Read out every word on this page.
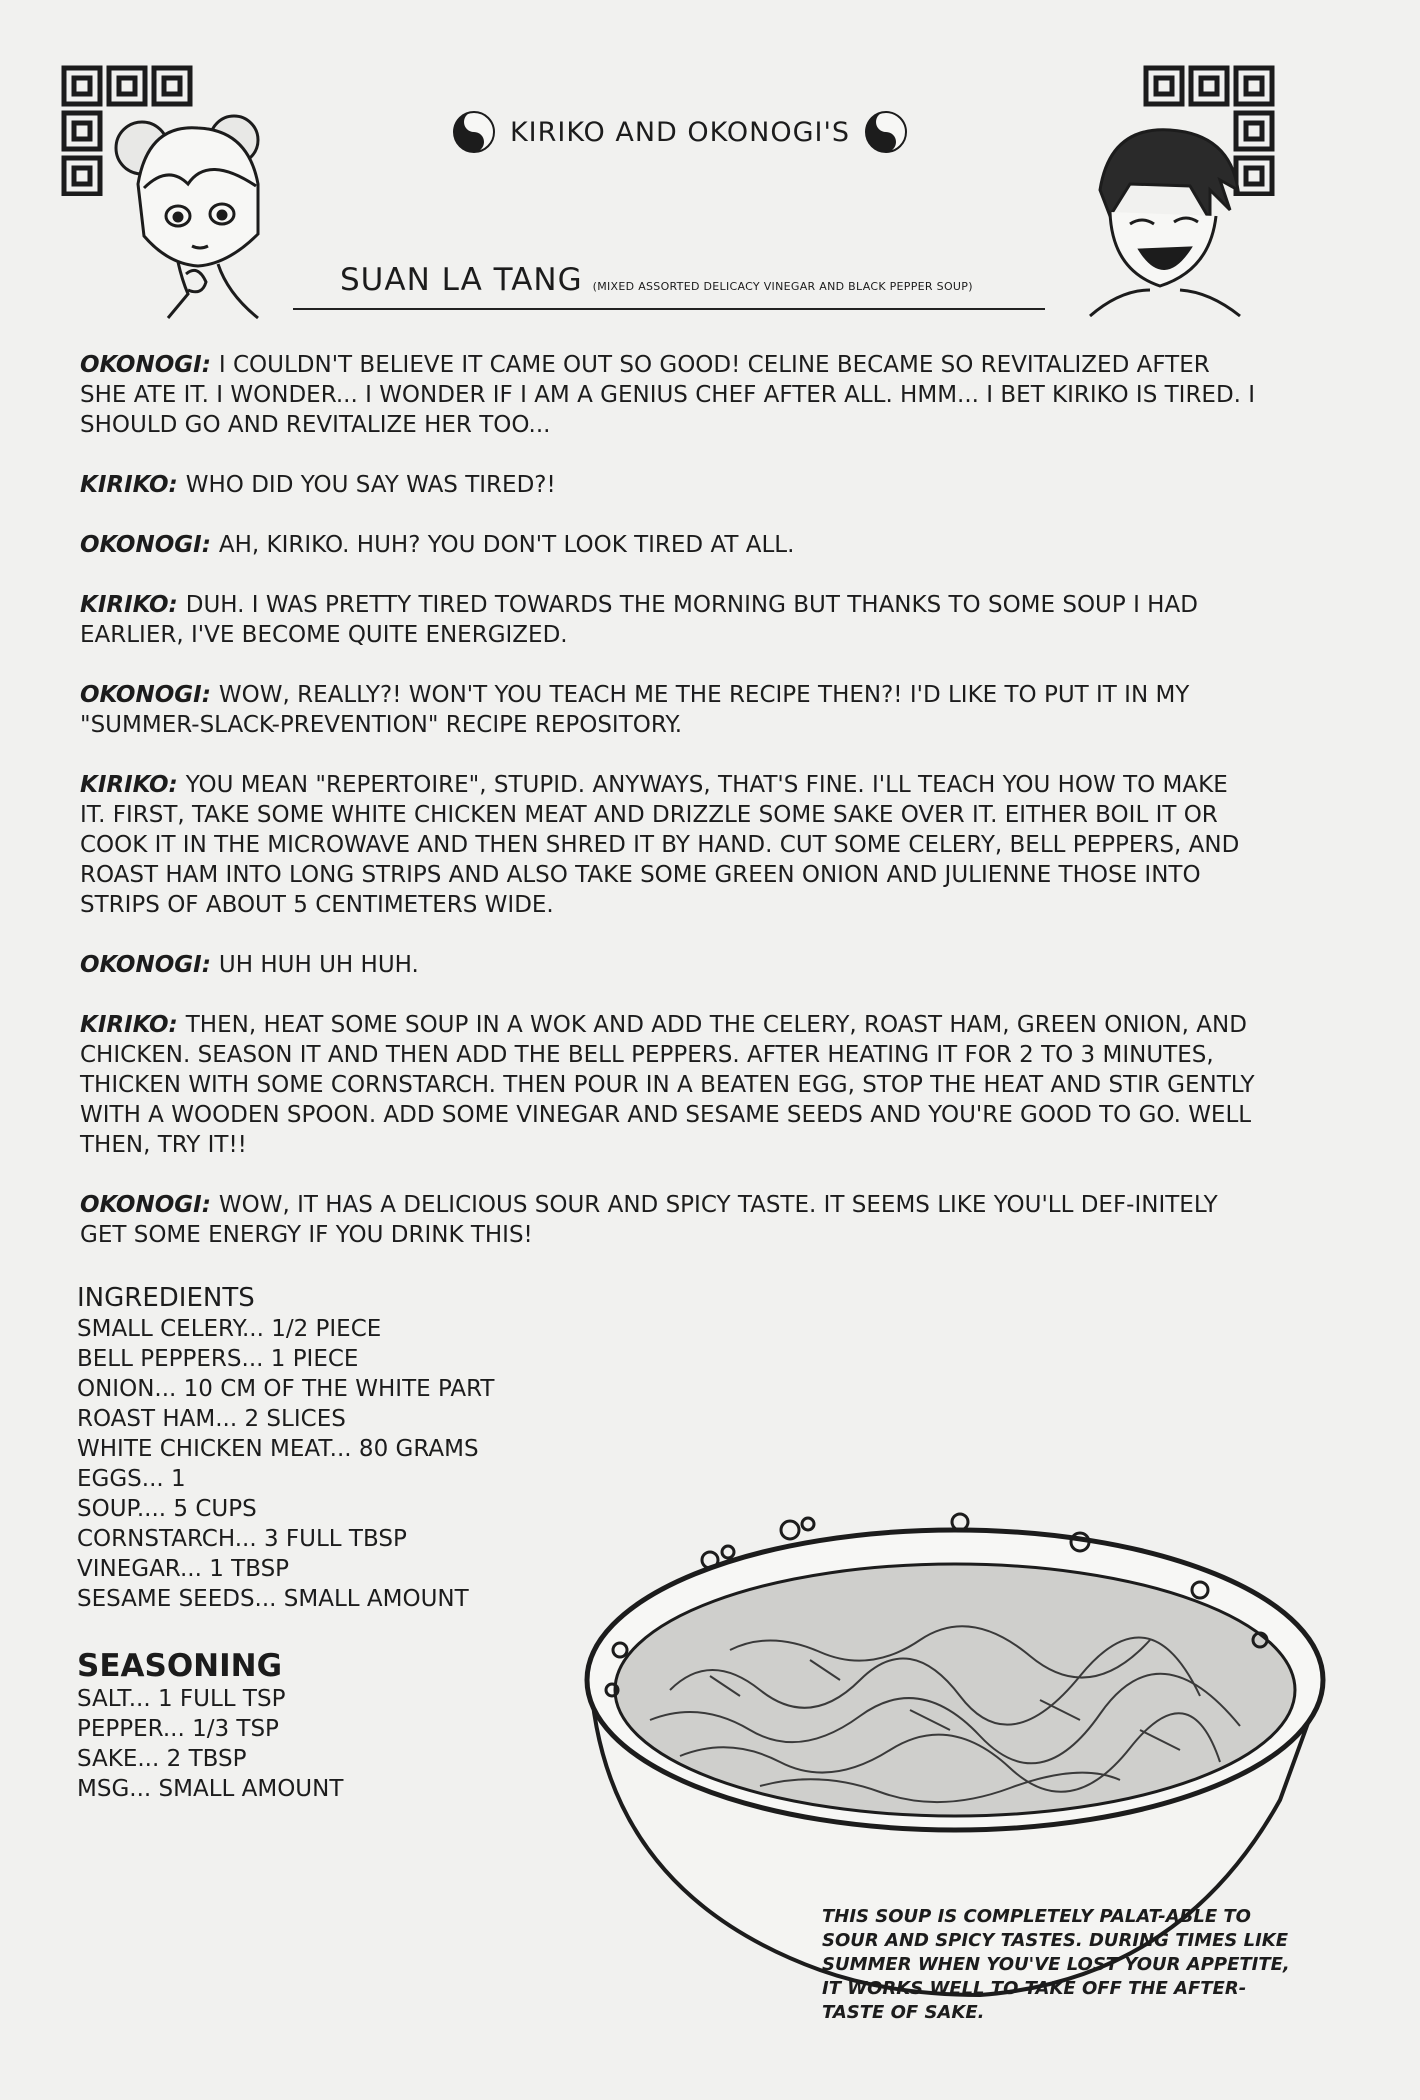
KIRIKO AND OKONOGI'S
SUAN LA TANG (MIXED ASSORTED DELICACY VINEGAR AND BLACK PEPPER SOUP)

OKONOGI: I COULDN'T BELIEVE IT CAME OUT SO GOOD! CELINE BECAME SO REVITALIZED AFTER SHE ATE IT. I WONDER... I WONDER IF I AM A GENIUS CHEF AFTER ALL. HMM... I BET KIRIKO IS TIRED. I SHOULD GO AND REVITALIZE HER TOO...

KIRIKO: WHO DID YOU SAY WAS TIRED?!

OKONOGI: AH, KIRIKO. HUH? YOU DON'T LOOK TIRED AT ALL.

KIRIKO: DUH. I WAS PRETTY TIRED TOWARDS THE MORNING BUT THANKS TO SOME SOUP I HAD EARLIER, I'VE BECOME QUITE ENERGIZED.

OKONOGI: WOW, REALLY?! WON'T YOU TEACH ME THE RECIPE THEN?! I'D LIKE TO PUT IT IN MY "SUMMER-SLACK-PREVENTION" RECIPE REPOSITORY.

KIRIKO: YOU MEAN "REPERTOIRE", STUPID. ANYWAYS, THAT'S FINE. I'LL TEACH YOU HOW TO MAKE IT. FIRST, TAKE SOME WHITE CHICKEN MEAT AND DRIZZLE SOME SAKE OVER IT. EITHER BOIL IT OR COOK IT IN THE MICROWAVE AND THEN SHRED IT BY HAND. CUT SOME CELERY, BELL PEPPERS, AND ROAST HAM INTO LONG STRIPS AND ALSO TAKE SOME GREEN ONION AND JULIENNE THOSE INTO STRIPS OF ABOUT 5 CENTIMETERS WIDE.

OKONOGI: UH HUH UH HUH.

KIRIKO: THEN, HEAT SOME SOUP IN A WOK AND ADD THE CELERY, ROAST HAM, GREEN ONION, AND CHICKEN. SEASON IT AND THEN ADD THE BELL PEPPERS. AFTER HEATING IT FOR 2 TO 3 MINUTES, THICKEN WITH SOME CORNSTARCH. THEN POUR IN A BEATEN EGG, STOP THE HEAT AND STIR GENTLY WITH A WOODEN SPOON. ADD SOME VINEGAR AND SESAME SEEDS AND YOU'RE GOOD TO GO. WELL THEN, TRY IT!!

OKONOGI: WOW, IT HAS A DELICIOUS SOUR AND SPICY TASTE. IT SEEMS LIKE YOU'LL DEF-INITELY GET SOME ENERGY IF YOU DRINK THIS!

INGREDIENTS
SMALL CELERY... 1/2 PIECE
BELL PEPPERS... 1 PIECE
ONION... 10 CM OF THE WHITE PART
ROAST HAM... 2 SLICES
WHITE CHICKEN MEAT... 80 GRAMS
EGGS... 1
SOUP.... 5 CUPS
CORNSTARCH... 3 FULL TBSP
VINEGAR... 1 TBSP
SESAME SEEDS... SMALL AMOUNT
SEASONING
SALT... 1 FULL TSP
PEPPER... 1/3 TSP
SAKE... 2 TBSP
MSG... SMALL AMOUNT
THIS SOUP IS COMPLETELY PALAT-ABLE TO SOUR AND SPICY TASTES. DURING TIMES LIKE SUMMER WHEN YOU'VE LOST YOUR APPETITE, IT WORKS WELL TO TAKE OFF THE AFTER-TASTE OF SAKE.
